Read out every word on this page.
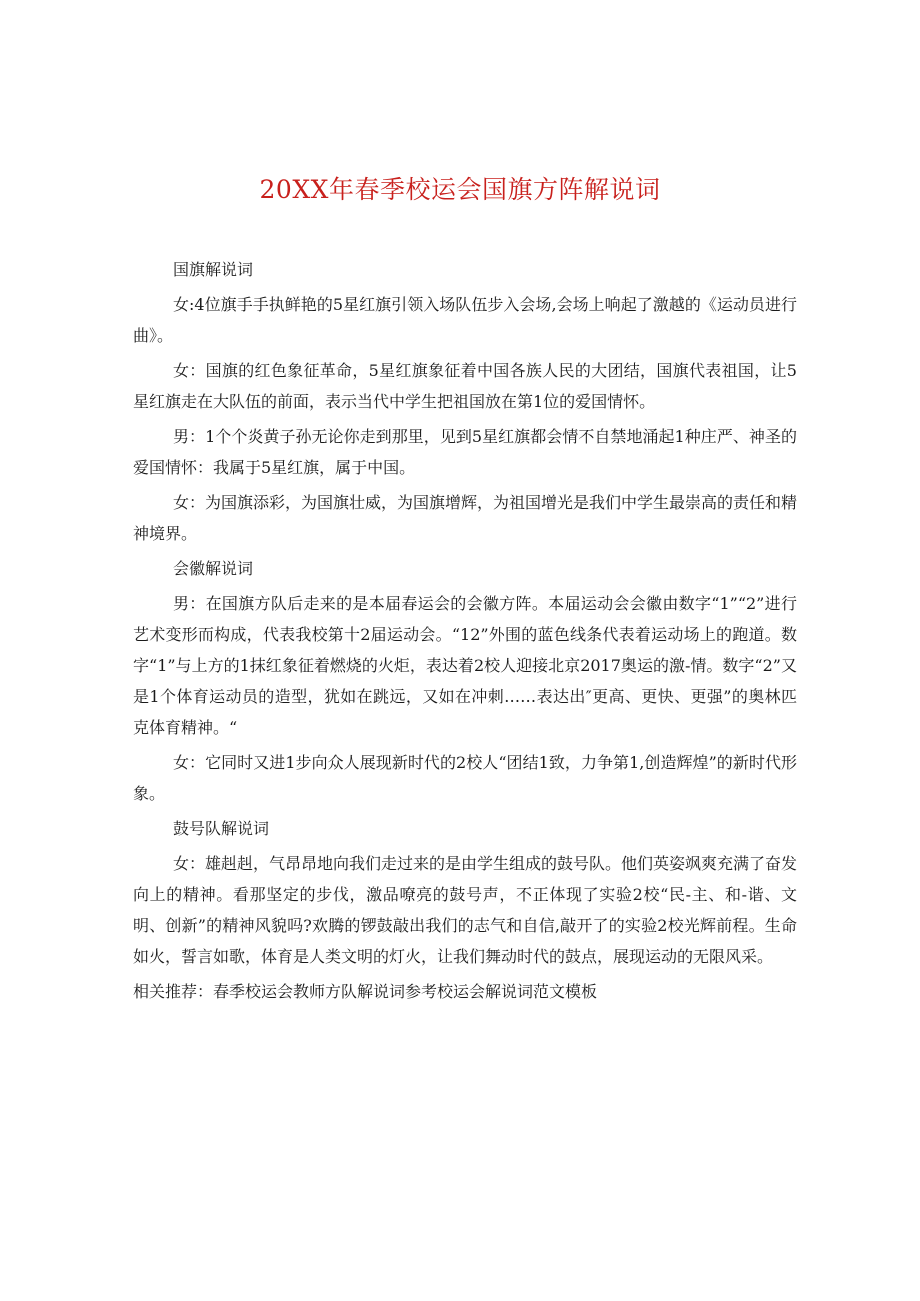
20XX年春季校运会国旗方阵解说词

国旗解说词

女:4位旗手手执鲜艳的5星红旗引领入场队伍步入会场,会场上响起了激越的《运动员进行曲》。

女：国旗的红色象征革命，5星红旗象征着中国各族人民的大团结，国旗代表祖国，让5星红旗走在大队伍的前面，表示当代中学生把祖国放在第1位的爱国情怀。

男：1个个炎黄子孙无论你走到那里，见到5星红旗都会情不自禁地涌起1种庄严、神圣的爱国情怀：我属于5星红旗，属于中国。

女：为国旗添彩，为国旗壮威，为国旗增辉，为祖国增光是我们中学生最崇高的责任和精神境界。

会徽解说词

男：在国旗方队后走来的是本届春运会的会徽方阵。本届运动会会徽由数字“1”“2”进行艺术变形而构成，代表我校第十2届运动会。“12”外围的蓝色线条代表着运动场上的跑道。数字“1”与上方的1抹红象征着燃烧的火炬，表达着2校人迎接北京2017奥运的激-情。数字“2”又是1个体育运动员的造型，犹如在跳远，又如在冲刺……表达出″更高、更快、更强”的奥林匹克体育精神。“

女：它同时又进1步向众人展现新时代的2校人“团结1致，力争第1,创造辉煌”的新时代形象。

鼓号队解说词

女：雄赳赳，气昂昂地向我们走过来的是由学生组成的鼓号队。他们英姿飒爽充满了奋发向上的精神。看那坚定的步伐，激品嘹亮的鼓号声，不正体现了实验2校“民-主、和-谐、文明、创新”的精神风貌吗?欢腾的锣鼓敲出我们的志气和自信,敲开了的实验2校光辉前程。生命如火，誓言如歌，体育是人类文明的灯火，让我们舞动时代的鼓点，展现运动的无限风采。

相关推荐：春季校运会教师方队解说词参考校运会解说词范文模板
